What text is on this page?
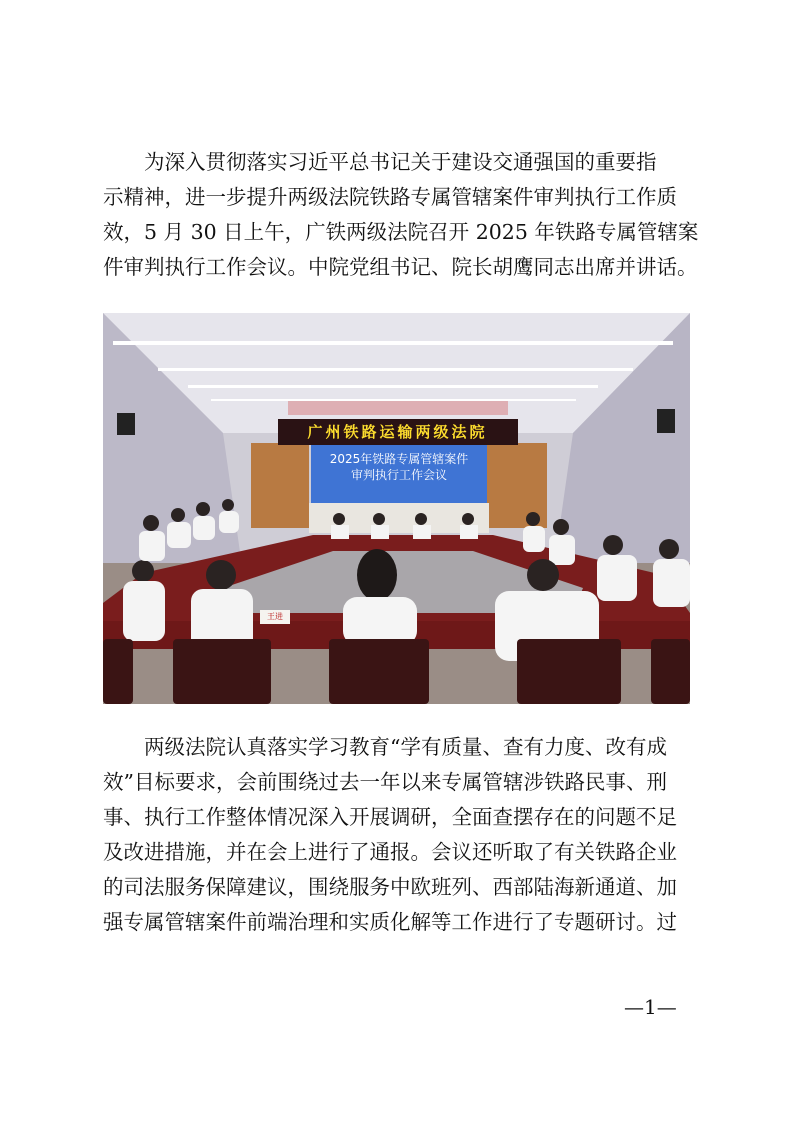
为深入贯彻落实习近平总书记关于建设交通强国的重要指
示精神，进一步提升两级法院铁路专属管辖案件审判执行工作质
效，5 月 30 日上午，广铁两级法院召开 2025 年铁路专属管辖案
件审判执行工作会议。中院党组书记、院长胡鹰同志出席并讲话。
广州铁路运输两级法院
2025年铁路专属管辖案件
审判执行工作会议
王进
两级法院认真落实学习教育“学有质量、查有力度、改有成
效”目标要求，会前围绕过去一年以来专属管辖涉铁路民事、刑
事、执行工作整体情况深入开展调研，全面查摆存在的问题不足
及改进措施，并在会上进行了通报。会议还听取了有关铁路企业
的司法服务保障建议，围绕服务中欧班列、西部陆海新通道、加
强专属管辖案件前端治理和实质化解等工作进行了专题研讨。过
—1—
